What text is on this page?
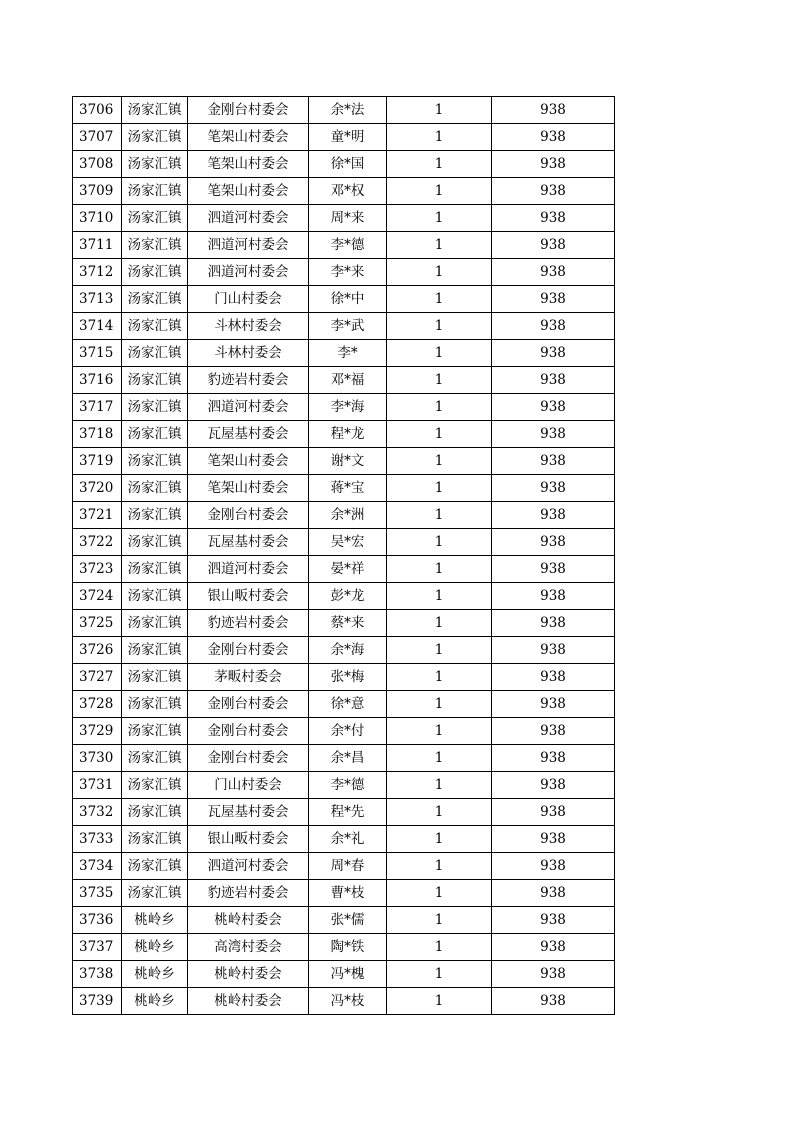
3706	汤家汇镇	金刚台村委会	余*法	1	938
3707	汤家汇镇	笔架山村委会	童*明	1	938
3708	汤家汇镇	笔架山村委会	徐*国	1	938
3709	汤家汇镇	笔架山村委会	邓*权	1	938
3710	汤家汇镇	泗道河村委会	周*来	1	938
3711	汤家汇镇	泗道河村委会	李*德	1	938
3712	汤家汇镇	泗道河村委会	李*来	1	938
3713	汤家汇镇	门山村委会	徐*中	1	938
3714	汤家汇镇	斗林村委会	李*武	1	938
3715	汤家汇镇	斗林村委会	李*	1	938
3716	汤家汇镇	豹迹岩村委会	邓*福	1	938
3717	汤家汇镇	泗道河村委会	李*海	1	938
3718	汤家汇镇	瓦屋基村委会	程*龙	1	938
3719	汤家汇镇	笔架山村委会	谢*文	1	938
3720	汤家汇镇	笔架山村委会	蒋*宝	1	938
3721	汤家汇镇	金刚台村委会	余*洲	1	938
3722	汤家汇镇	瓦屋基村委会	吴*宏	1	938
3723	汤家汇镇	泗道河村委会	晏*祥	1	938
3724	汤家汇镇	银山畈村委会	彭*龙	1	938
3725	汤家汇镇	豹迹岩村委会	蔡*来	1	938
3726	汤家汇镇	金刚台村委会	余*海	1	938
3727	汤家汇镇	茅畈村委会	张*梅	1	938
3728	汤家汇镇	金刚台村委会	徐*意	1	938
3729	汤家汇镇	金刚台村委会	余*付	1	938
3730	汤家汇镇	金刚台村委会	余*昌	1	938
3731	汤家汇镇	门山村委会	李*德	1	938
3732	汤家汇镇	瓦屋基村委会	程*先	1	938
3733	汤家汇镇	银山畈村委会	余*礼	1	938
3734	汤家汇镇	泗道河村委会	周*春	1	938
3735	汤家汇镇	豹迹岩村委会	曹*枝	1	938
3736	桃岭乡	桃岭村委会	张*儒	1	938
3737	桃岭乡	高湾村委会	陶*铁	1	938
3738	桃岭乡	桃岭村委会	冯*槐	1	938
3739	桃岭乡	桃岭村委会	冯*枝	1	938
